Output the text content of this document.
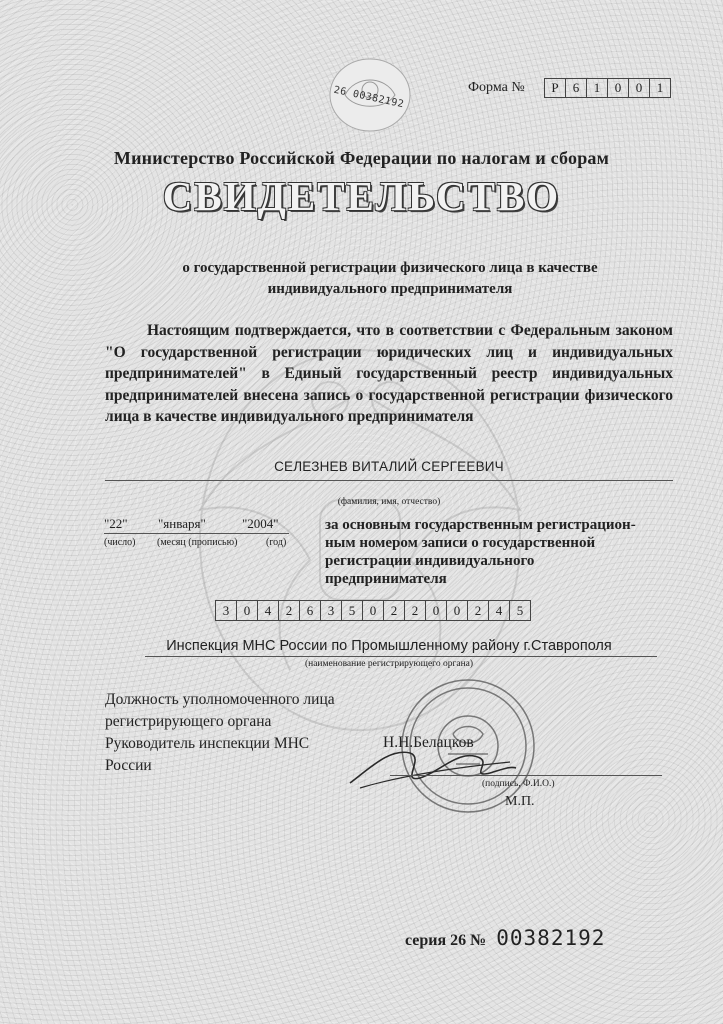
26 00382192	Форма №	Р	6	1	0	0	1
Министерство Российской Федерации по налогам и сборам
СВИДЕТЕЛЬСТВО
о государственной регистрации физического лица в качестве
индивидуального предпринимателя
Настоящим подтверждается, что в соответствии с Федеральным законом "О государственной регистрации юридических лиц и индивидуальных предпринимателей" в Единый государственный реестр индивидуальных предпринимателей внесена запись о государственной регистрации физического лица в качестве индивидуального предпринимателя
СЕЛЕЗНЕВ ВИТАЛИЙ СЕРГЕЕВИЧ
(фамилия, имя, отчество)
"22" "января"	"2004"
(число) (месяц (прописью)	(год)
за основным государственным регистрацион-
ным номером записи о государственной
регистрации индивидуального
предпринимателя
3	0	4	2	6	3	5	0	2	2	0	0	2	4	5
Инспекция МНС России по Промышленному району г.Ставрополя
(наименование регистрирующего органа)
Должность уполномоченного лица
регистрирующего органа
Руководитель инспекции МНС
России
Н.Н.Белацков
(подпись, Ф.И.О.)
М.П.
серия 26 № 00382192
